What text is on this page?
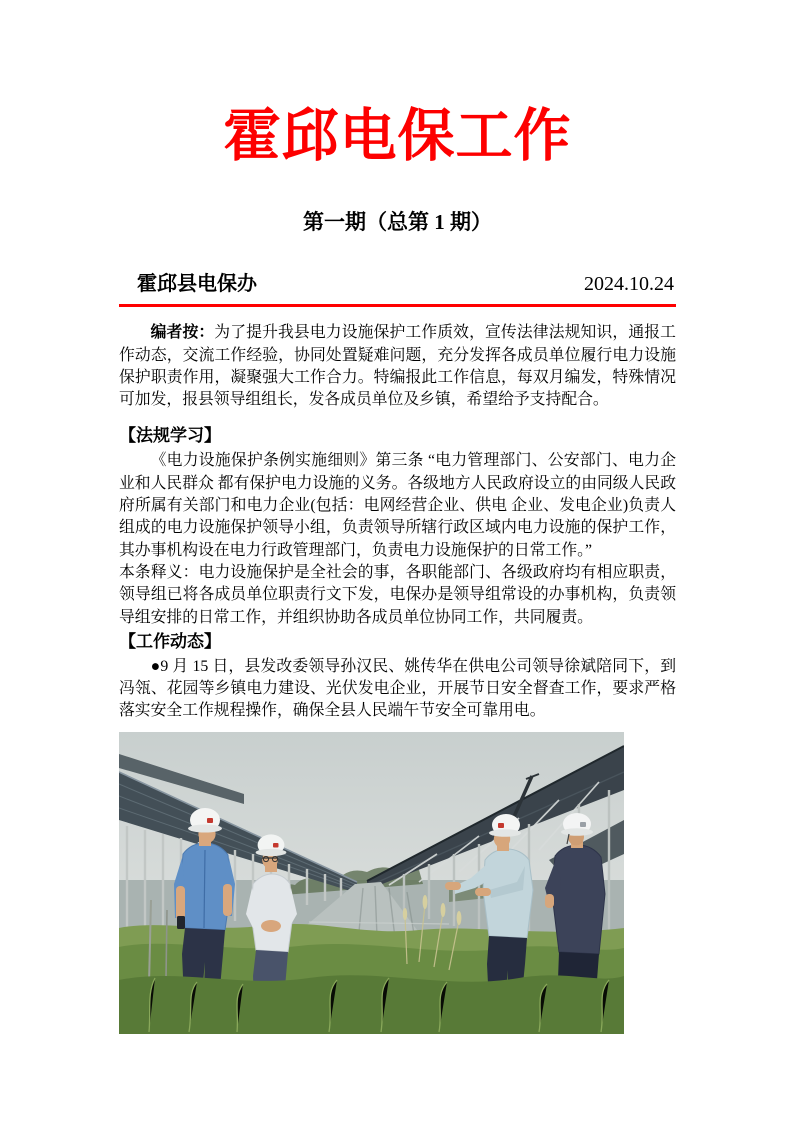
霍邱电保工作
第一期（总第 1 期）
霍邱县电保办	2024.10.24

编者按：为了提升我县电力设施保护工作质效，宣传法律法规知识，通报工作动态，交流工作经验，协同处置疑难问题，充分发挥各成员单位履行电力设施保护职责作用，凝聚强大工作合力。特编报此工作信息，每双月编发，特殊情况可加发，报县领导组组长，发各成员单位及乡镇，希望给予支持配合。

【法规学习】

《电力设施保护条例实施细则》第三条 “电力管理部门、公安部门、电力企业和人民群众 都有保护电力设施的义务。各级地方人民政府设立的由同级人民政府所属有关部门和电力企业(包括：电网经营企业、供电 企业、发电企业)负责人组成的电力设施保护领导小组，负责领导所辖行政区域内电力设施的保护工作，其办事机构设在电力行政管理部门，负责电力设施保护的日常工作。”

本条释义：电力设施保护是全社会的事，各职能部门、各级政府均有相应职责，领导组已将各成员单位职责行文下发，电保办是领导组常设的办事机构，负责领导组安排的日常工作，并组织协助各成员单位协同工作，共同履责。

【工作动态】

●9 月 15 日，县发改委领导孙汉民、姚传华在供电公司领导徐斌陪同下，到冯瓴、花园等乡镇电力建设、光伏发电企业，开展节日安全督查工作，要求严格落实安全工作规程操作，确保全县人民端午节安全可靠用电。
